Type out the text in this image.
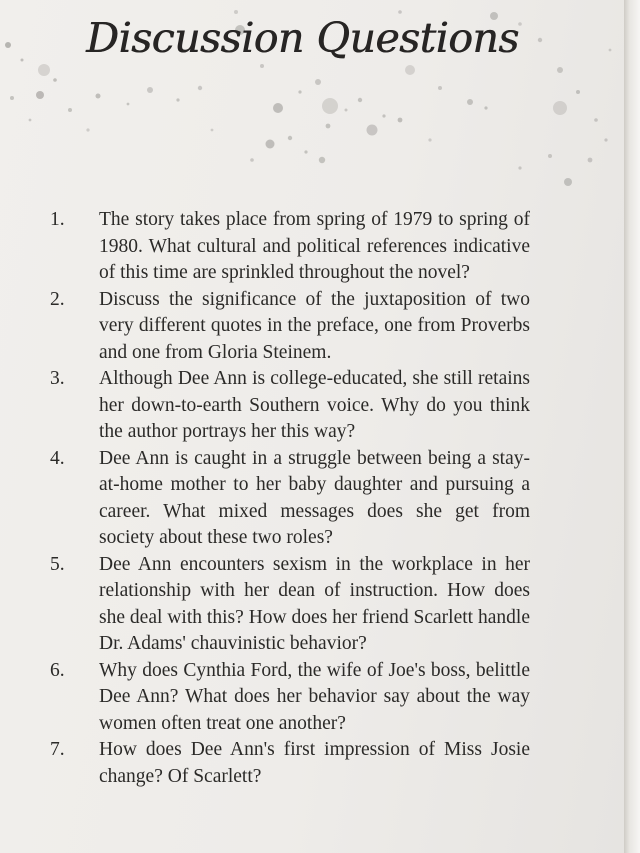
Discussion Questions
1.	The story takes place from spring of 1979 to spring of 1980. What cultural and political references indicative of this time are sprinkled throughout the novel?
2.	Discuss the significance of the juxtaposition of two very different quotes in the preface, one from Proverbs and one from Gloria Steinem.
3.	Although Dee Ann is college-educated, she still retains her down-to-earth Southern voice. Why do you think the author portrays her this way?
4.	Dee Ann is caught in a struggle between being a stay-at-home mother to her baby daughter and pursuing a career. What mixed messages does she get from society about these two roles?
5.	Dee Ann encounters sexism in the workplace in her relationship with her dean of instruction. How does she deal with this? How does her friend Scarlett handle Dr. Adams' chauvinistic behavior?
6.	Why does Cynthia Ford, the wife of Joe's boss, belittle Dee Ann? What does her behavior say about the way women often treat one another?
7.	How does Dee Ann's first impression of Miss Josie change? Of Scarlett?
